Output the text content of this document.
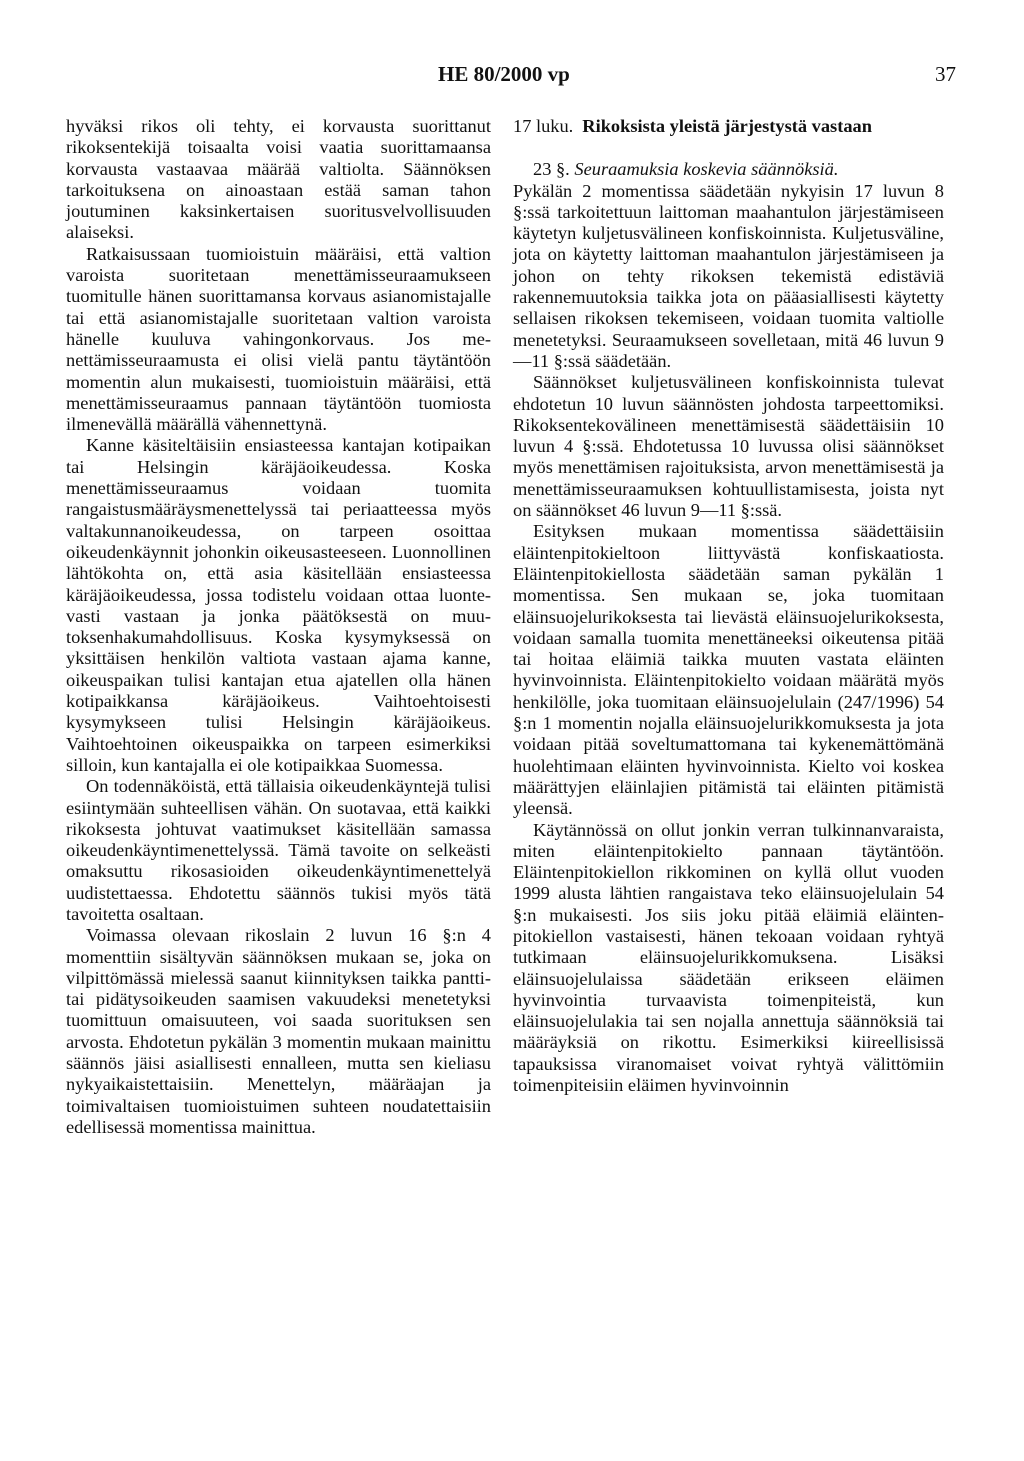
HE 80/2000 vp	37

hyväksi rikos oli tehty, ei korvausta suorittanut rikoksentekijä toisaalta voisi vaatia suorittamaansa korvausta vastaavaa määrää valtiolta. Säännöksen tarkoituksena on ainoastaan estää saman tahon joutuminen kaksinkertaisen suoritusvelvollisuuden alaiseksi.

Ratkaisussaan tuomioistuin määräisi, että valtion varoista suoritetaan menettämisseuraamukseen tuomitulle hänen suorittamansa korvaus asianomistajalle tai että asianomistajalle suoritetaan valtion varoista hänelle kuuluva vahingonkorvaus. Jos menettämisseuraamusta ei olisi vielä pantu täytäntöön momentin alun mukaisesti, tuomioistuin määräisi, että menettämisseuraamus pannaan täytäntöön tuomiosta ilmenevällä määrällä vähennettynä.

Kanne käsiteltäisiin ensiasteessa kantajan kotipaikan tai Helsingin käräjäoikeudessa. Koska menettämisseuraamus voidaan tuomita rangaistusmääräysmenettelyssä tai periaatteessa myös valtakunnanoikeudessa, on tarpeen osoittaa oikeudenkäynnit johonkin oikeusasteeseen. Luonnollinen lähtökohta on, että asia käsitellään ensiasteessa käräjäoikeudessa, jossa todistelu voidaan ottaa luontevasti vastaan ja jonka päätöksestä on muutoksenhakumahdollisuus. Koska kysymyksessä on yksittäisen henkilön valtiota vastaan ajama kanne, oikeuspaikan tulisi kantajan etua ajatellen olla hänen kotipaikkansa käräjäoikeus. Vaihtoehtoisesti kysymykseen tulisi Helsingin käräjäoikeus. Vaihtoehtoinen oikeuspaikka on tarpeen esimerkiksi silloin, kun kantajalla ei ole kotipaikkaa Suomessa.

On todennäköistä, että tällaisia oikeudenkäyntejä tulisi esiintymään suhteellisen vähän. On suotavaa, että kaikki rikoksesta johtuvat vaatimukset käsitellään samassa oikeudenkäyntimenettelyssä. Tämä tavoite on selkeästi omaksuttu rikosasioiden oikeudenkäyntimenettelyä uudistettaessa. Ehdotettu säännös tukisi myös tätä tavoitetta osaltaan.

Voimassa olevaan rikoslain 2 luvun 16 §:n 4 momenttiin sisältyvän säännöksen mukaan se, joka on vilpittömässä mielessä saanut kiinnityksen taikka pantti- tai pidätysoikeuden saamisen vakuudeksi menetetyksi tuomittuun omaisuuteen, voi saada suorituksen sen arvosta. Ehdotetun pykälän 3 momentin mukaan mainittu säännös jäisi asiallisesti ennalleen, mutta sen kieliasu nykyaikaistettaisiin. Menettelyn, määräajan ja toimivaltaisen tuomioistuimen suhteen noudatettaisiin edellisessä momentissa mainittua.

17 luku. Rikoksista yleistä järjestystä vastaan

23 §. Seuraamuksia koskevia säännöksiä.

Pykälän 2 momentissa säädetään nykyisin 17 luvun 8 §:ssä tarkoitettuun laittoman maahantulon järjestämiseen käytetyn kuljetusvälineen konfiskoinnista. Kuljetusväline, jota on käytetty laittoman maahantulon järjestämiseen ja johon on tehty rikoksen tekemistä edistäviä rakennemuutoksia taikka jota on pääasiallisesti käytetty sellaisen rikoksen tekemiseen, voidaan tuomita valtiolle menetetyksi. Seuraamukseen sovelletaan, mitä 46 luvun 9—11 §:ssä säädetään.

Säännökset kuljetusvälineen konfiskoinnista tulevat ehdotetun 10 luvun säännösten johdosta tarpeettomiksi. Rikoksentekovälineen menettämisestä säädettäisiin 10 luvun 4 §:ssä. Ehdotetussa 10 luvussa olisi säännökset myös menettämisen rajoituksista, arvon menettämisestä ja menettämisseuraamuksen kohtuullistamisesta, joista nyt on säännökset 46 luvun 9—11 §:ssä.

Esityksen mukaan momentissa säädettäisiin eläintenpitokieltoon liittyvästä konfiskaatiosta. Eläintenpitokiellosta säädetään saman pykälän 1 momentissa. Sen mukaan se, joka tuomitaan eläinsuojelurikoksesta tai lievästä eläinsuojelurikoksesta, voidaan samalla tuomita menettäneeksi oikeutensa pitää tai hoitaa eläimiä taikka muuten vastata eläinten hyvinvoinnista. Eläintenpitokielto voidaan määrätä myös henkilölle, joka tuomitaan eläinsuojelulain (247/1996) 54 §:n 1 momentin nojalla eläinsuojelurikkomuksesta ja jota voidaan pitää soveltumattomana tai kykenemättömänä huolehtimaan eläinten hyvinvoinnista. Kielto voi koskea määrättyjen eläinlajien pitämistä tai eläinten pitämistä yleensä.

Käytännössä on ollut jonkin verran tulkinnanvaraista, miten eläintenpitokielto pannaan täytäntöön. Eläintenpitokiellon rikkominen on kyllä ollut vuoden 1999 alusta lähtien rangaistava teko eläinsuojelulain 54 §:n mukaisesti. Jos siis joku pitää eläimiä eläintenpitokiellon vastaisesti, hänen tekoaan voidaan ryhtyä tutkimaan eläinsuojelurikkomuksena. Lisäksi eläinsuojelulaissa säädetään erikseen eläimen hyvinvointia turvaavista toimenpiteistä, kun eläinsuojelulakia tai sen nojalla annettuja säännöksiä tai määräyksiä on rikottu. Esimerkiksi kiireellisissä tapauksissa viranomaiset voivat ryhtyä välittömiin toimenpiteisiin eläimen hyvinvoinnin
